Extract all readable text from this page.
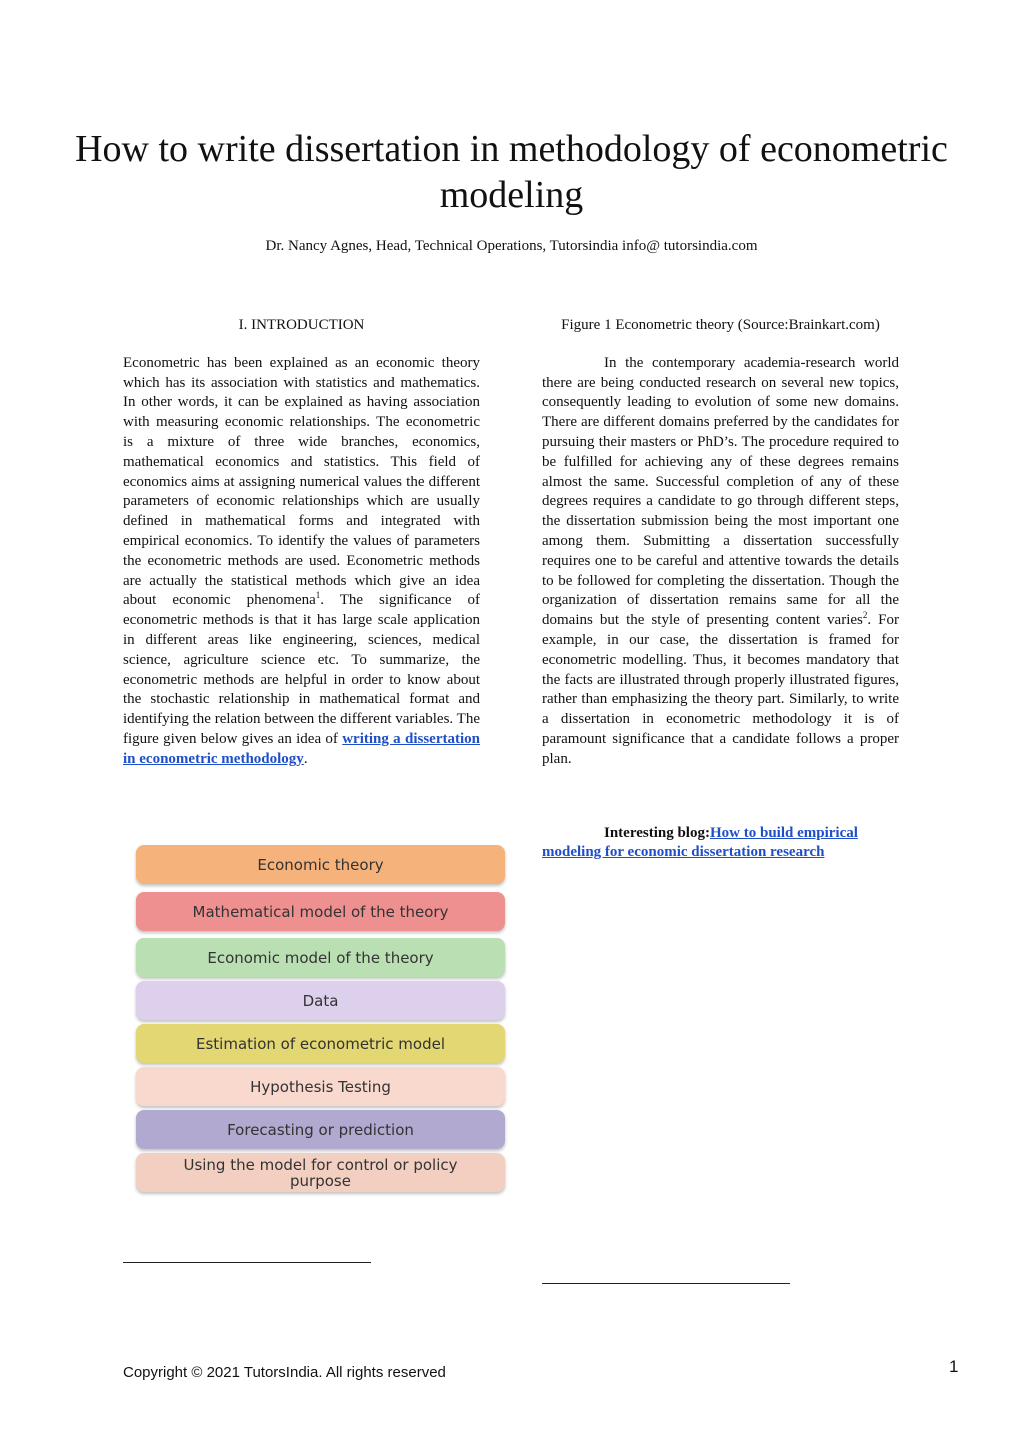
How to write dissertation in methodology of econometric modeling

Dr. Nancy Agnes, Head, Technical Operations, Tutorsindia info@ tutorsindia.com

I. INTRODUCTION

Econometric has been explained as an economic theory which has its association with statistics and mathematics. In other words, it can be explained as having association with measuring economic relationships. The econometric is a mixture of three wide branches, economics, mathematical economics and statistics. This field of economics aims at assigning numerical values the different parameters of economic relationships which are usually defined in mathematical forms and integrated with empirical economics. To identify the values of parameters the econometric methods are used. Econometric methods are actually the statistical methods which give an idea about economic phenomena$^1$. The significance of econometric methods is that it has large scale application in different areas like engineering, sciences, medical science, agriculture science etc. To summarize, the econometric methods are helpful in order to know about the stochastic relationship in mathematical format and identifying the relation between the different variables. The figure given below gives an idea of writing a dissertation in econometric methodology.

Economic theory
Mathematical model of the theory
Economic model of the theory
Data
Estimation of econometric model
Hypothesis Testing
Forecasting or prediction
Using the model for control or policy purpose

Figure 1 Econometric theory (Source:Brainkart.com)

In the contemporary academia-research world there are being conducted research on several new topics, consequently leading to evolution of some new domains. There are different domains preferred by the candidates for pursuing their masters or PhD’s. The procedure required to be fulfilled for achieving any of these degrees remains almost the same. Successful completion of any of these degrees requires a candidate to go through different steps, the dissertation submission being the most important one among them. Submitting a dissertation successfully requires one to be careful and attentive towards the details to be followed for completing the dissertation. Though the organization of dissertation remains same for all the domains but the style of presenting content varies$^2$. For example, in our case, the dissertation is framed for econometric modelling. Thus, it becomes mandatory that the facts are illustrated through properly illustrated figures, rather than emphasizing the theory part. Similarly, to write a dissertation in econometric methodology it is of paramount significance that a candidate follows a proper plan.

Interesting blog:How to build empirical modeling for economic dissertation research

Copyright © 2021 TutorsIndia. All rights reserved	1
